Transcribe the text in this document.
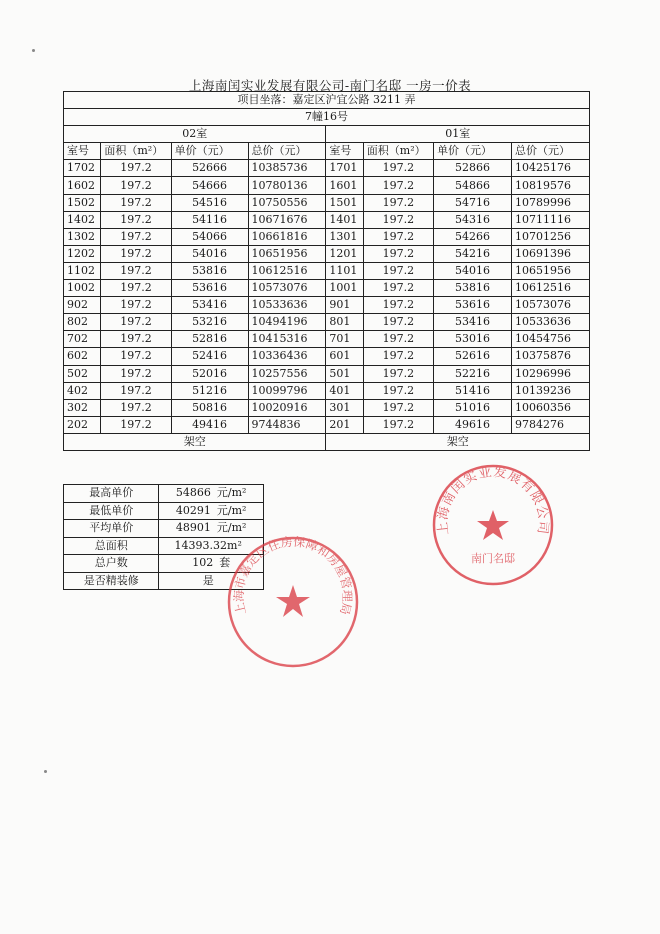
上海南闰实业发展有限公司-南门名邸 一房一价表
项目坐落：嘉定区沪宜公路 3211 弄							
7幢16号							
02室				01室			
室号	面积（m²）	单价（元）	总价（元）	室号	面积（m²）	单价（元）	总价（元）
1702	197.2	52666	10385736	1701	197.2	52866	10425176
1602	197.2	54666	10780136	1601	197.2	54866	10819576
1502	197.2	54516	10750556	1501	197.2	54716	10789996
1402	197.2	54116	10671676	1401	197.2	54316	10711116
1302	197.2	54066	10661816	1301	197.2	54266	10701256
1202	197.2	54016	10651956	1201	197.2	54216	10691396
1102	197.2	53816	10612516	1101	197.2	54016	10651956
1002	197.2	53616	10573076	1001	197.2	53816	10612516
902	197.2	53416	10533636	901	197.2	53616	10573076
802	197.2	53216	10494196	801	197.2	53416	10533636
702	197.2	52816	10415316	701	197.2	53016	10454756
602	197.2	52416	10336436	601	197.2	52616	10375876
502	197.2	52016	10257556	501	197.2	52216	10296996
402	197.2	51216	10099796	401	197.2	51416	10139236
302	197.2	50816	10020916	301	197.2	51016	10060356
202	197.2	49416	9744836	201	197.2	49616	9784276
架空				架空			
最高单价	54866 元/m²
最低单价	40291 元/m²
平均单价	48901 元/m²
总面积	14393.32m²
总户数	102 套
是否精装修	是
上海南闰实业发展有限公司
南门名邸
上海市嘉定区住房保障和房屋管理局
